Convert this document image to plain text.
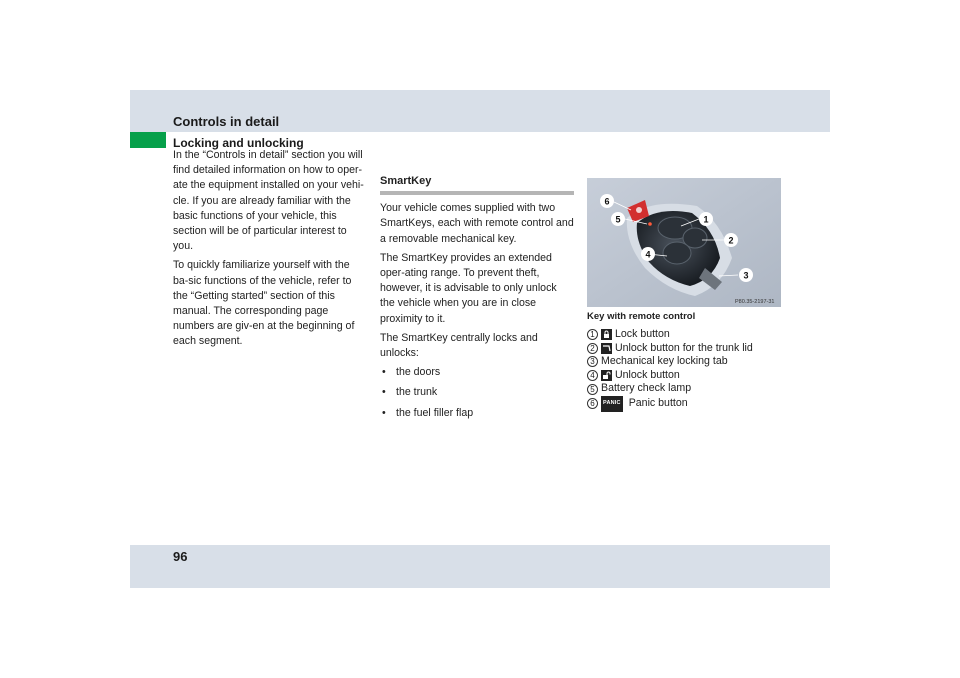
Controls in detail
Locking and unlocking

In the “Controls in detail” section you will find detailed information on how to oper-ate the equipment installed on your vehi-cle. If you are already familiar with the basic functions of your vehicle, this section will be of particular interest to you.

To quickly familiarize yourself with the ba-sic functions of the vehicle, refer to the “Getting started” section of this manual. The corresponding page numbers are giv-en at the beginning of each segment.

SmartKey

Your vehicle comes supplied with two SmartKeys, each with remote control and a removable mechanical key.

The SmartKey provides an extended oper-ating range. To prevent theft, however, it is advisable to only unlock the vehicle when you are in close proximity to it.

The SmartKey centrally locks and unlocks:

• the doors
• the trunk
• the fuel filler flap
6
5	1
2
4
3
P80.35-2197-31
Key with remote control
1	Lock button
2	Unlock button for the trunk lid
3 Mechanical key locking tab
4	Unlock button
5 Battery check lamp
6	PANIC Panic button
96
